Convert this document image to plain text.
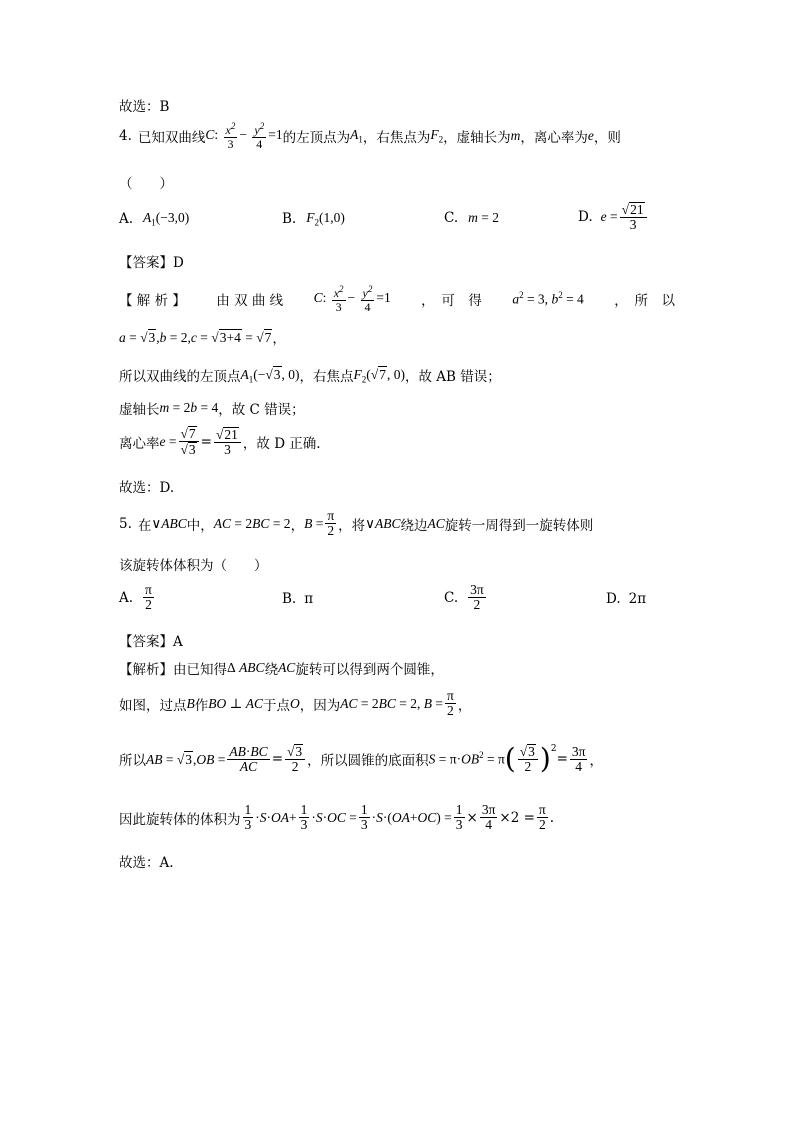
故选：B
4. 已知双曲线 C: $\frac{x^2}{3} - \frac{y^2}{4} =1$ 的左顶点为 $A_1$ ，右焦点为 $F_2$ ，虚轴长为 m ，离心率为 e ，则
（　　）
A. $A_1(-3,0)$	B. $F_2(1,0)$	C. m = 2	D. $e = \frac{√ 21}{3}$
【答案】D
【 解 析 】 由 双 曲 线 C: $\frac{x^2}{3} - \frac{y^2}{4} =1$ ，　可　得 $a^2 = 3$, $b^2 = 4$ ，　所　以
a = √ 3 ,b = 2,c = √ 3+4 = √ 7 ，
所以双曲线的左顶点 $A_1(-$ √ 3 , 0) ，右焦点 $F_2$( √ 7 , 0) ，故 AB 错误；
虚轴长 m = 2b = 4 ，故 C 错误；
离心率 $e = \frac{√ 7}{√ 3} = \frac{√ 21}{3}$ ，故 D 正确.
故选：D.
5. 在 ∨ABC 中， AC = 2BC = 2 ， $B = \frac{\pi}{2}$ ，将 ∨ABC 绕边 AC 旋转一周得到一旋转体则
该旋转体体积为（　　）
A. $\frac{\pi}{2}$	B. π	C. $\frac{3\pi}{2}$	D. 2π
【答案】A
【解析】由已知得 Δ ABC 绕 AC 旋转可以得到两个圆锥，
如图，过点 B 作 BO ⊥ AC 于点 O ，因为 AC = 2BC = 2, $B = \frac{\pi}{2}$ ，
所以 AB = √ 3 $,OB = \frac{AB\cdot BC}{AC} = \frac{√ 3}{2}$ ，所以圆锥的底面积 $S = \pi\cdot OB^2 = \pi$ ( $\frac{√ 3}{2} )^2$
= $\frac{3\pi}{4}$ ，
因此旋转体的体积为 $\frac{1}{3} \cdot S\cdot OA+ \frac{1}{3} \cdot S\cdot OC = \frac{1}{3} \cdot S\cdot(OA+OC) = \frac{1}{3} \times \frac{3\pi}{4} \times 2 = \frac{\pi}{2}$ .
故选：A.
